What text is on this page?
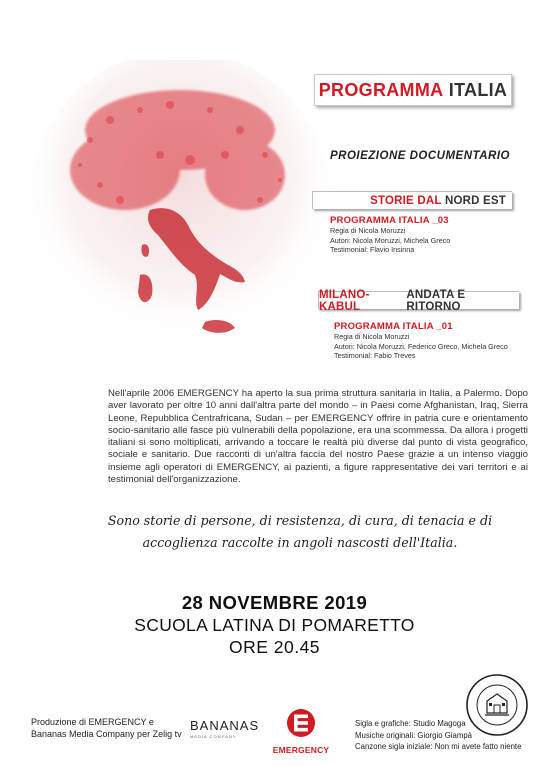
PROGRAMMA
ITALIA
PROIEZIONE DOCUMENTARIO
STORIE DAL
NORD EST
PROGRAMMA ITALIA _03
Regia di Nicola Moruzzi
Autori: Nicola Moruzzi, Michela Greco
Testimonial: Flavio Insinna
MILANO-KABUL

ANDATA E RITORNO
PROGRAMMA ITALIA _01
Regia di Nicola Moruzzi
Autori: Nicola Moruzzi, Federico Greco, Michela Greco
Testimonial: Fabio Treves
Nell'aprile 2006 EMERGENCY ha aperto la sua prima struttura sanitaria in Italia, a Palermo. Dopo aver lavorato per oltre 10 anni dall'altra parte del mondo – in Paesi come Afghanistan, Iraq, Sierra Leone, Repubblica Centrafricana, Sudan – per EMERGENCY offrire in patria cure e orientamento socio-sanitario alle fasce più vulnerabili della popolazione, era una scommessa. Da allora i progetti italiani si sono moltiplicati, arrivando a toccare le realtà più diverse dal punto di vista geografico, sociale e sanitario. Due racconti di un'altra faccia del nostro Paese grazie a un intenso viaggio insieme agli operatori di EMERGENCY, ai pazienti, a figure rappresentative dei vari territori e ai testimonial dell'organizzazione.
Sono storie di persone, di resistenza, di cura, di tenacia e di accoglienza raccolte in angoli nascosti dell'Italia.
28 NOVEMBRE 2019
SCUOLA LATINA DI POMARETTO
ORE 20.45
Produzione di EMERGENCY e
Bananas Media Company per Zelig tv
BANANAS
MEDIA COMPANY
EMERGENCY
Sigla e grafiche: Studio Magoga
Musiche originali: Giorgio Giampà
Canzone sigla iniziale: Non mi avete fatto niente
